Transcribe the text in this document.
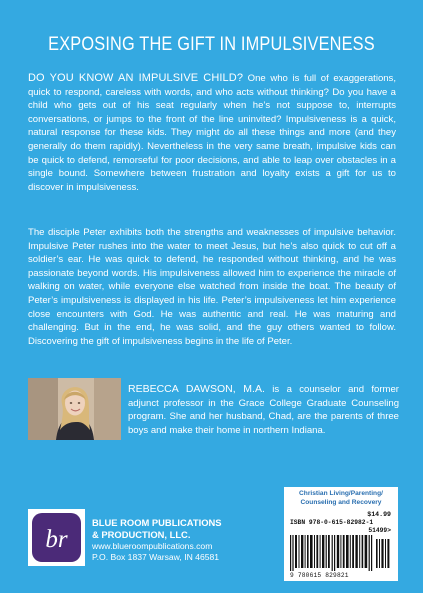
EXPOSING THE GIFT IN IMPULSIVENESS
DO YOU KNOW AN IMPULSIVE CHILD? One who is full of exaggerations, quick to respond, careless with words, and who acts without thinking? Do you have a child who gets out of his seat regularly when he’s not suppose to, interrupts conversations, or jumps to the front of the line uninvited? Impulsiveness is a quick, natural response for these kids. They might do all these things and more (and they generally do them rapidly). Nevertheless in the very same breath, impulsive kids can be quick to defend, remorseful for poor decisions, and able to leap over obstacles in a single bound. Somewhere between frustration and loyalty exists a gift for us to discover in impulsiveness.
The disciple Peter exhibits both the strengths and weaknesses of impulsive behavior. Impulsive Peter rushes into the water to meet Jesus, but he’s also quick to cut off a soldier’s ear. He was quick to defend, he responded without thinking, and he was passionate beyond words. His impulsiveness allowed him to experience the miracle of walking on water, while everyone else watched from inside the boat. The beauty of Peter’s impulsiveness is displayed in his life. Peter’s impulsiveness let him experience close encounters with God. He was authentic and real. He was maturing and challenging. But in the end, he was solid, and the guy others wanted to follow. Discovering the gift of impulsiveness begins in the life of Peter.
REBECCA DAWSON, M.A. is a counselor and former adjunct professor in the Grace College Graduate Counseling program. She and her husband, Chad, are the parents of three boys and make their home in northern Indiana.
br
BLUE ROOM PUBLICATIONS
& PRODUCTION, LLC.
www.blueroompublications.com
P.O. Box 1837 Warsaw, IN 46581
Christian Living/Parenting/ Counseling and Recovery
$14.99
ISBN 978-0-615-82982-1
51499>
9 780615 829821
